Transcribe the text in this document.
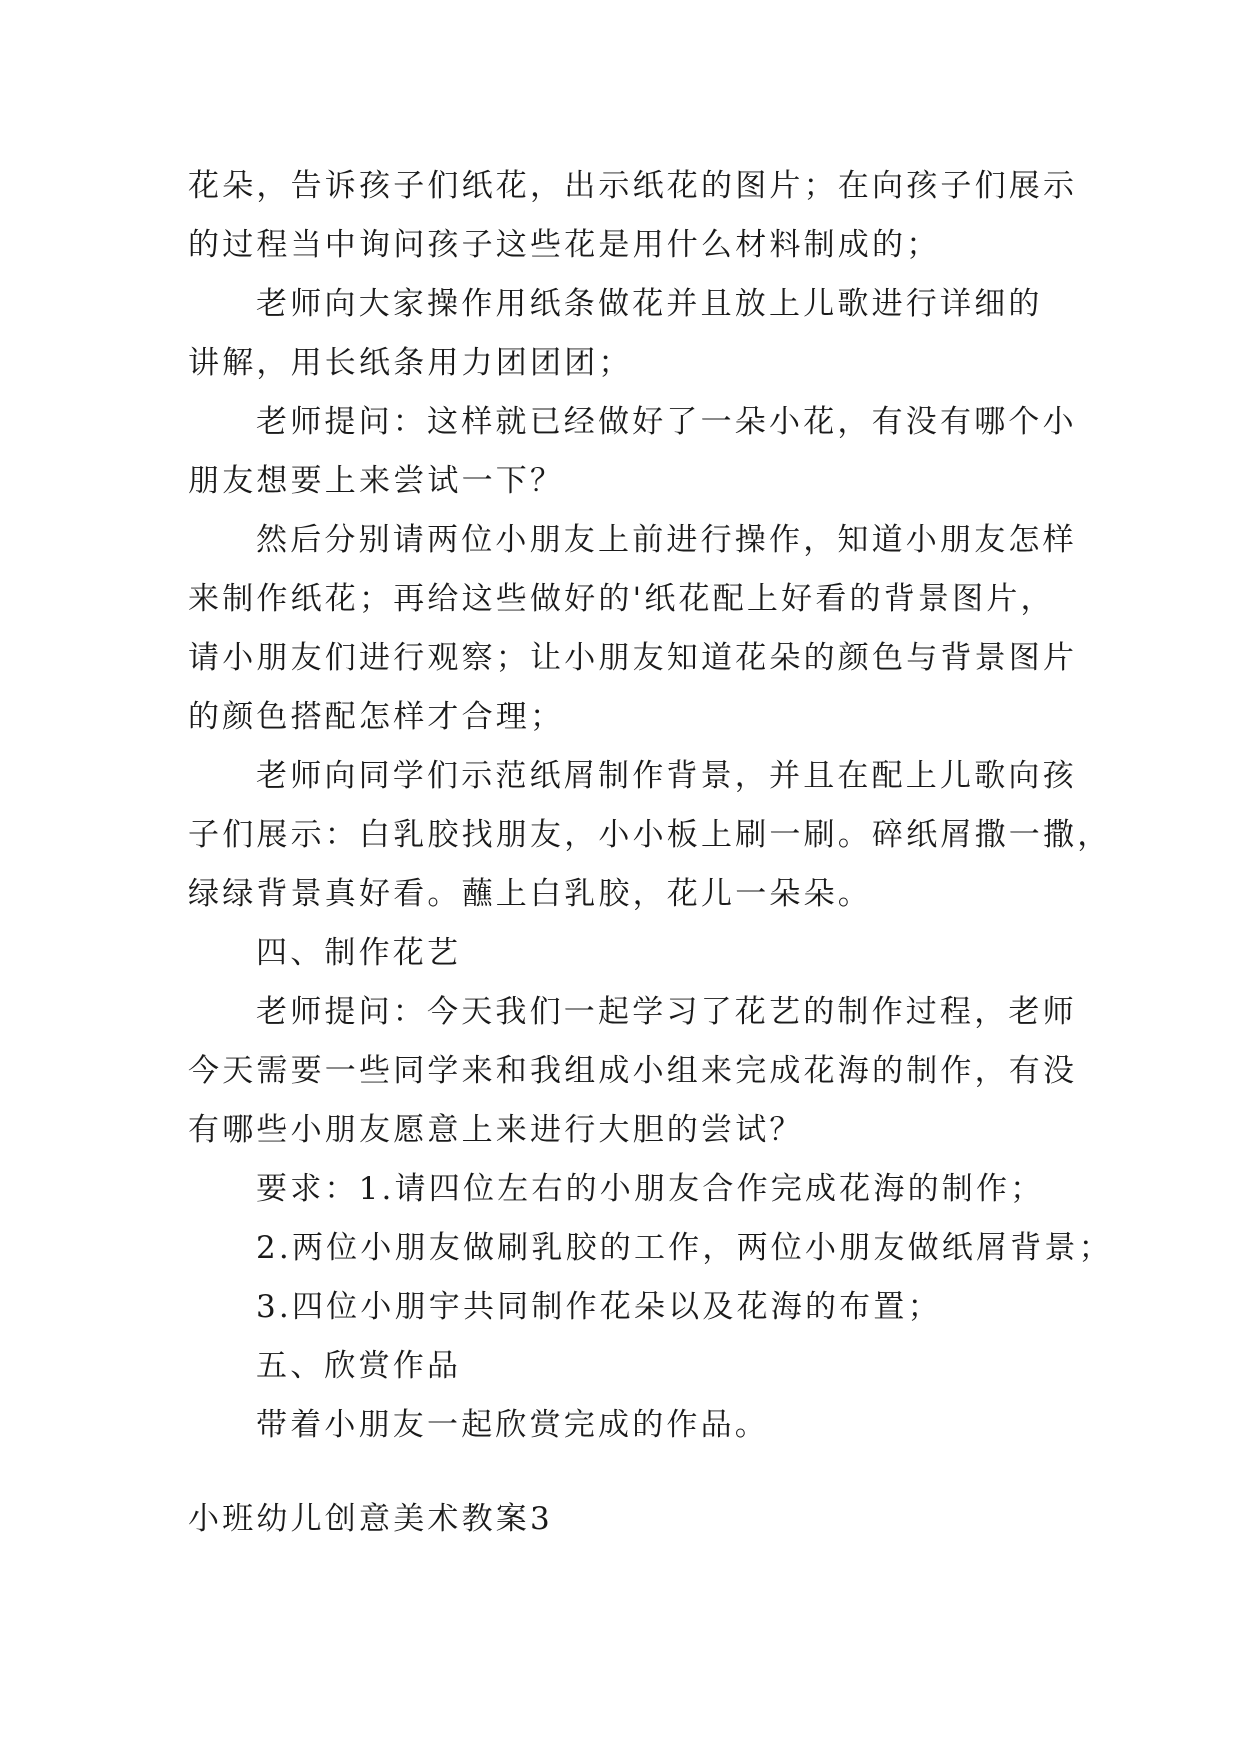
花朵，告诉孩子们纸花，出示纸花的图片；在向孩子们展示
的过程当中询问孩子这些花是用什么材料制成的；
老师向大家操作用纸条做花并且放上儿歌进行详细的
讲解，用长纸条用力团团团；
老师提问：这样就已经做好了一朵小花，有没有哪个小
朋友想要上来尝试一下？
然后分别请两位小朋友上前进行操作，知道小朋友怎样
来制作纸花；再给这些做好的'纸花配上好看的背景图片，
请小朋友们进行观察；让小朋友知道花朵的颜色与背景图片
的颜色搭配怎样才合理；
老师向同学们示范纸屑制作背景，并且在配上儿歌向孩
子们展示：白乳胶找朋友，小小板上刷一刷。碎纸屑撒一撒，
绿绿背景真好看。蘸上白乳胶，花儿一朵朵。
四、制作花艺
老师提问：今天我们一起学习了花艺的制作过程，老师
今天需要一些同学来和我组成小组来完成花海的制作，有没
有哪些小朋友愿意上来进行大胆的尝试？
要求：1.请四位左右的小朋友合作完成花海的制作；
2.两位小朋友做刷乳胶的工作，两位小朋友做纸屑背景；
3.四位小朋宇共同制作花朵以及花海的布置；
五、欣赏作品
带着小朋友一起欣赏完成的作品。
小班幼儿创意美术教案3
